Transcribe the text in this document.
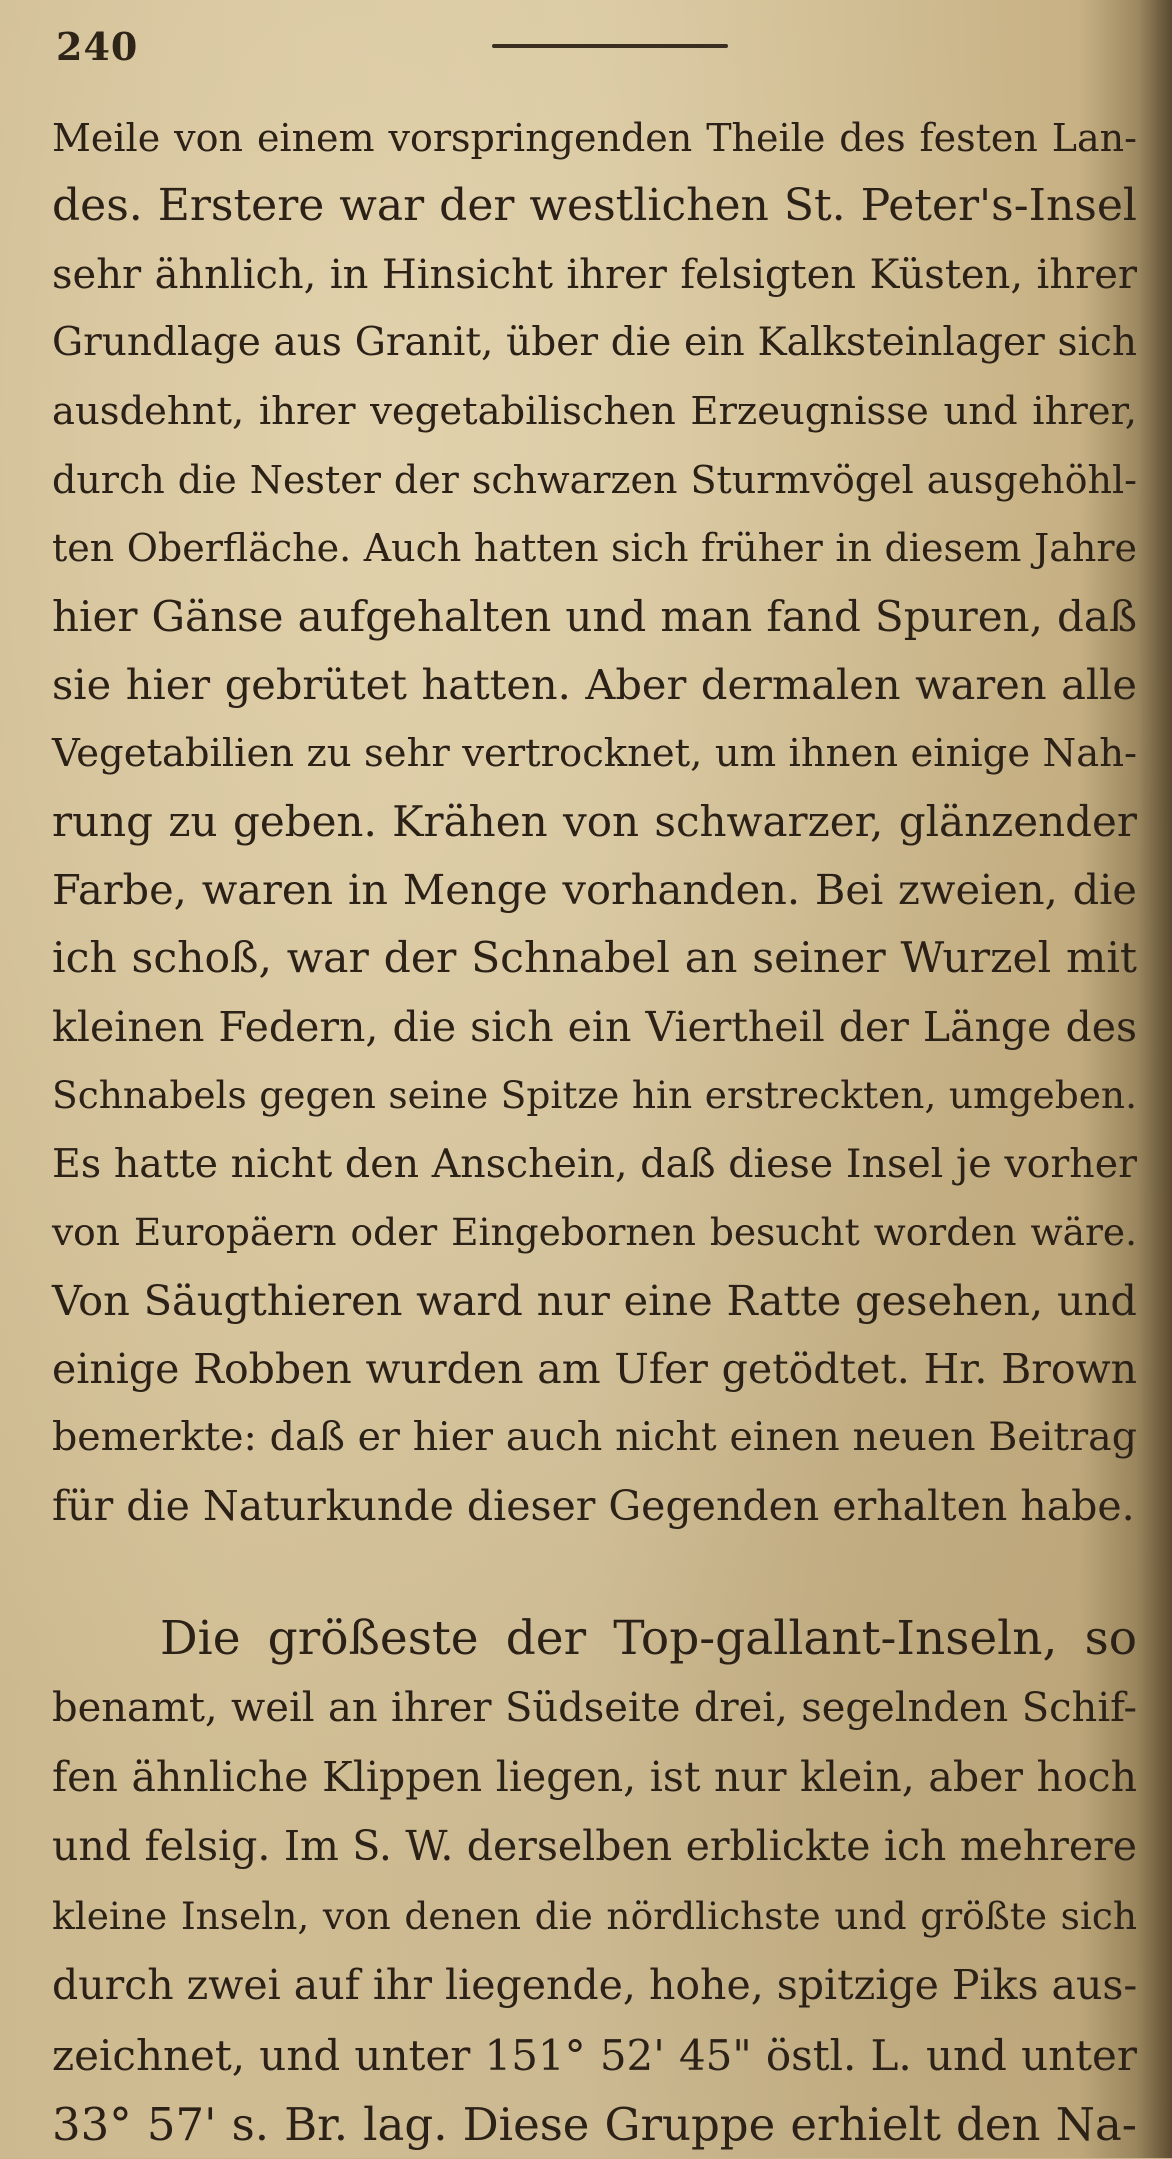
240
Meile von einem vorspringenden Theile des festen Lan-
des. Erstere war der westlichen St. Peter's-Insel
sehr ähnlich, in Hinsicht ihrer felsigten Küsten, ihrer
Grundlage aus Granit, über die ein Kalksteinlager sich
ausdehnt, ihrer vegetabilischen Erzeugnisse und ihrer,
durch die Nester der schwarzen Sturmvögel ausgehöhl-
ten Oberfläche. Auch hatten sich früher in diesem Jahre
hier Gänse aufgehalten und man fand Spuren, daß
sie hier gebrütet hatten. Aber dermalen waren alle
Vegetabilien zu sehr vertrocknet, um ihnen einige Nah-
rung zu geben. Krähen von schwarzer, glänzender
Farbe, waren in Menge vorhanden. Bei zweien, die
ich schoß, war der Schnabel an seiner Wurzel mit
kleinen Federn, die sich ein Viertheil der Länge des
Schnabels gegen seine Spitze hin erstreckten, umgeben.
Es hatte nicht den Anschein, daß diese Insel je vorher
von Europäern oder Eingebornen besucht worden wäre.
Von Säugthieren ward nur eine Ratte gesehen, und
einige Robben wurden am Ufer getödtet. Hr. Brown
bemerkte: daß er hier auch nicht einen neuen Beitrag
für die Naturkunde dieser Gegenden erhalten habe.
Die größeste der Top-gallant-Inseln, so
benamt, weil an ihrer Südseite drei, segelnden Schif-
fen ähnliche Klippen liegen, ist nur klein, aber hoch
und felsig. Im S. W. derselben erblickte ich mehrere
kleine Inseln, von denen die nördlichste und größte sich
durch zwei auf ihr liegende, hohe, spitzige Piks aus-
zeichnet, und unter 151° 52' 45" östl. L. und unter
33° 57' s. Br. lag. Diese Gruppe erhielt den Na-
